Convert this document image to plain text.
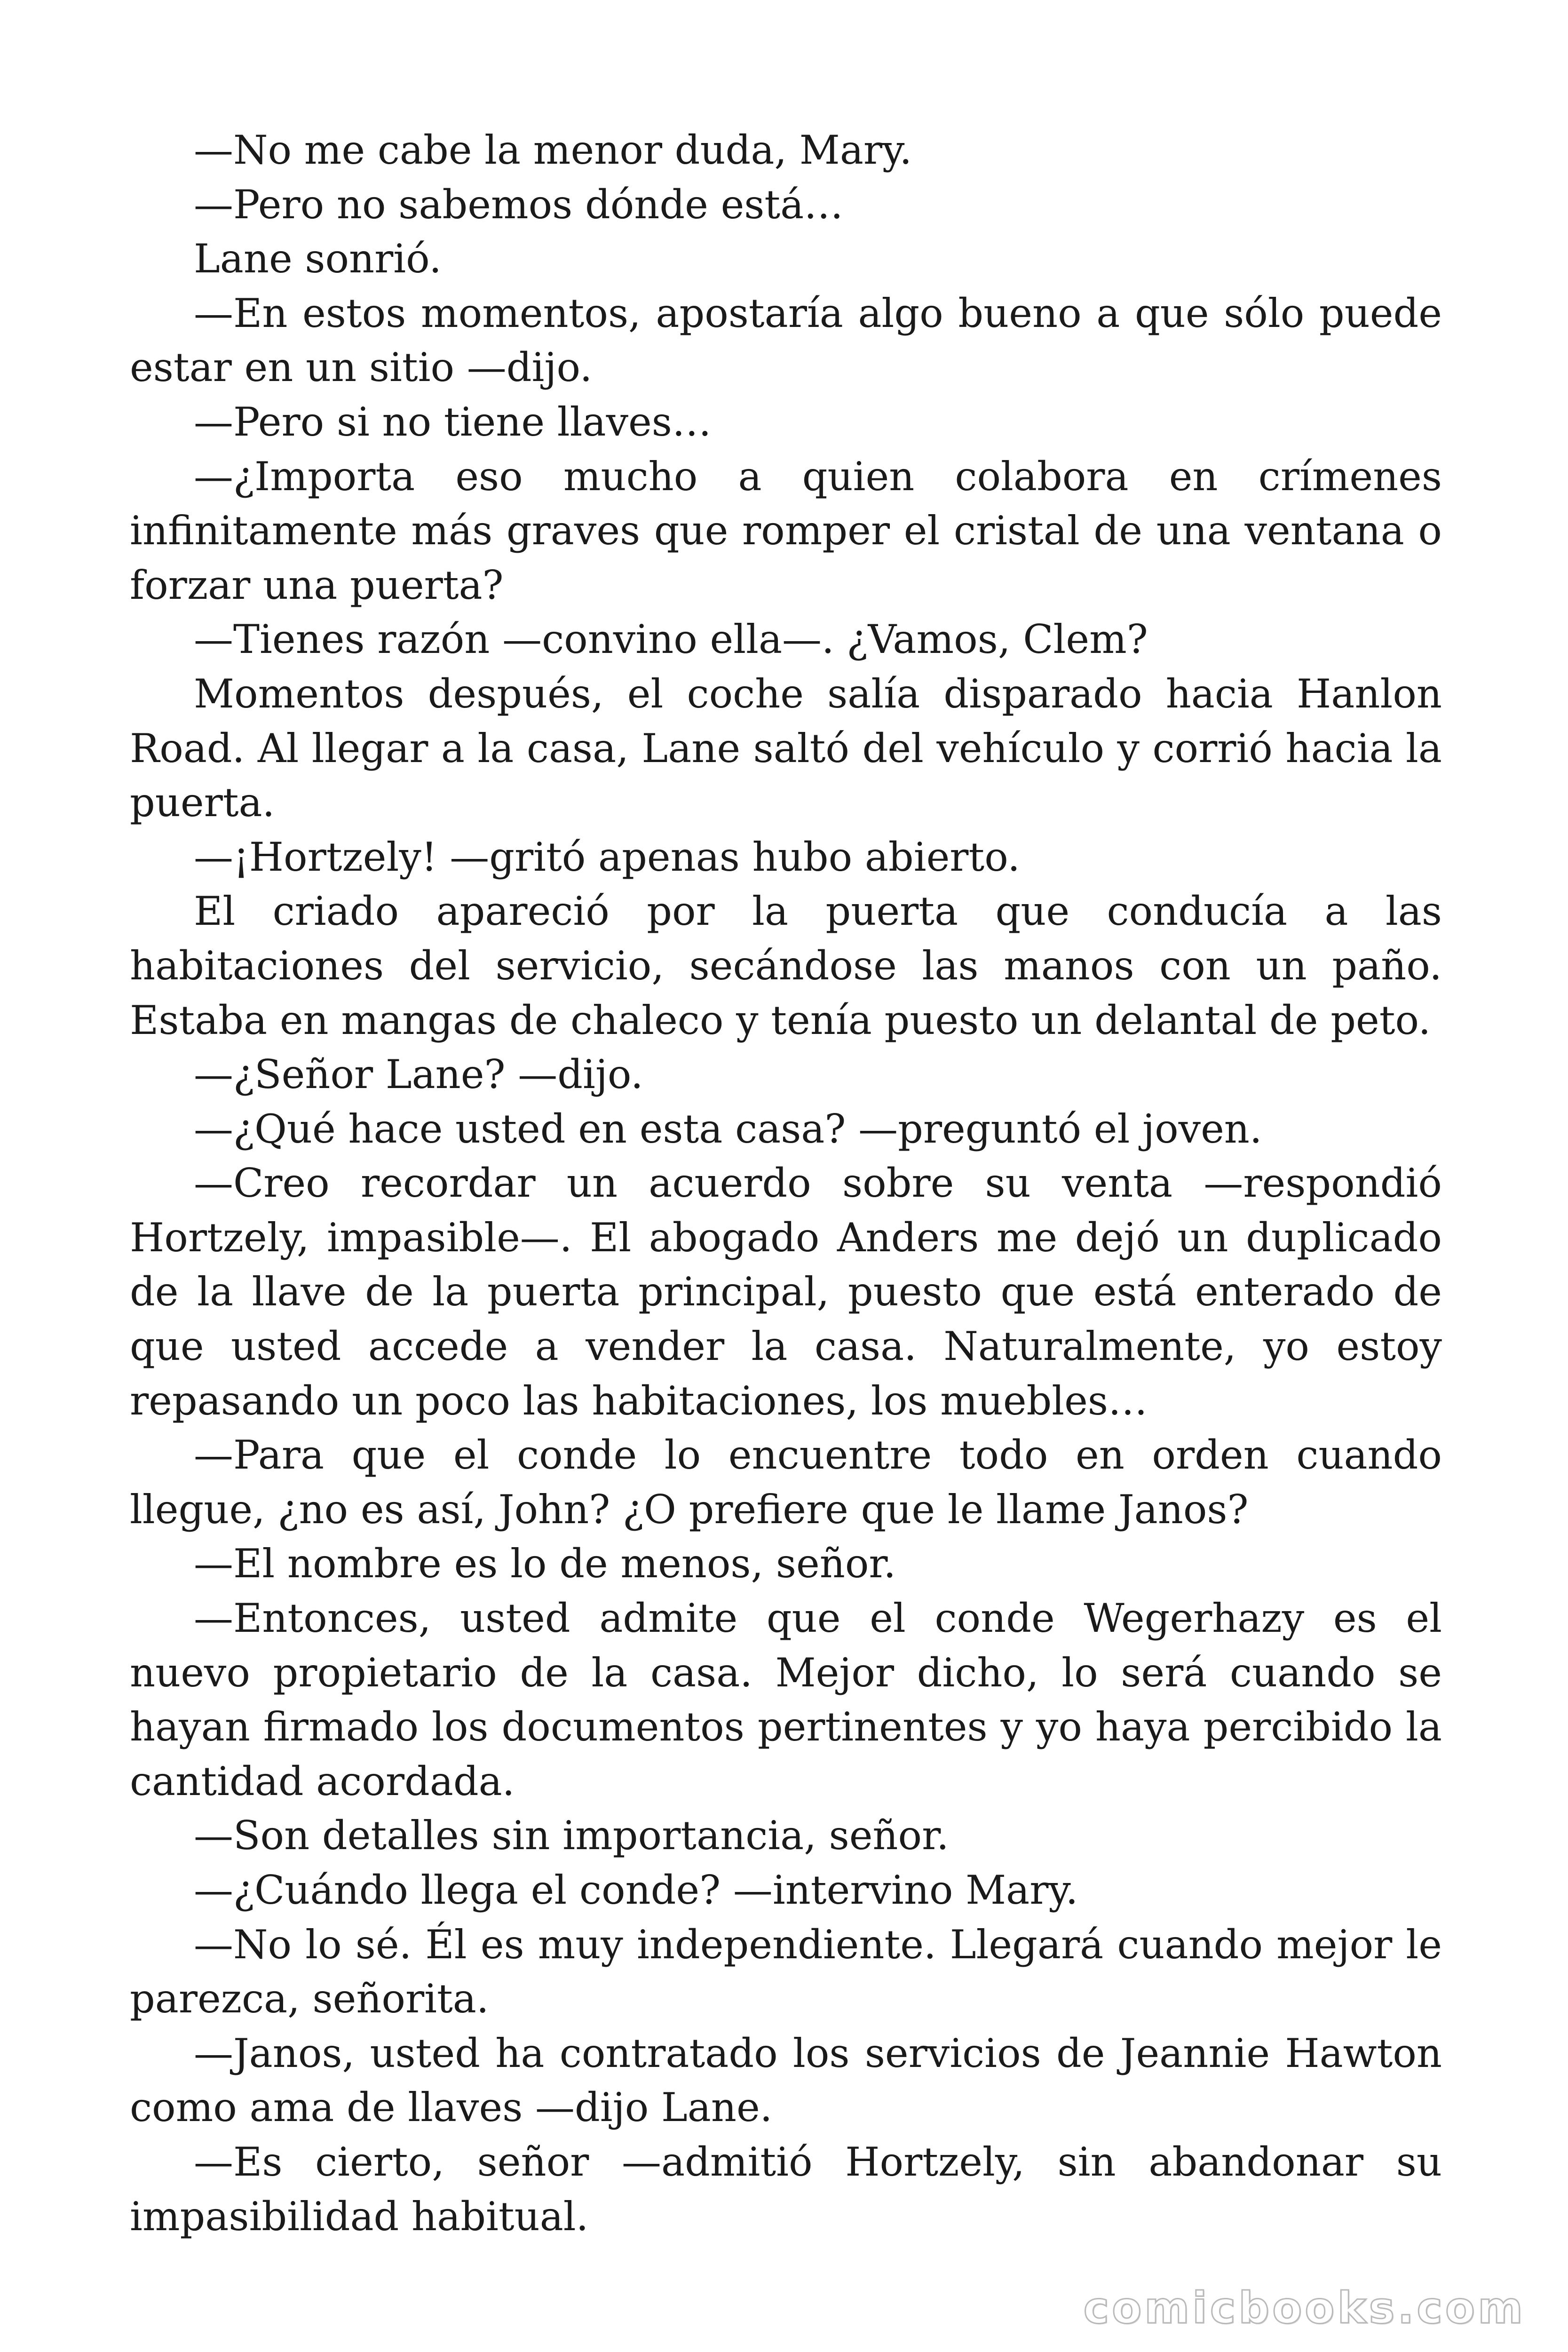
—No me cabe la menor duda, Mary.

—Pero no sabemos dónde está…

Lane sonrió.

—En estos momentos, apostaría algo bueno a que sólo puede estar en un sitio —dijo.

—Pero si no tiene llaves…

—¿Importa eso mucho a quien colabora en crímenes infinitamente más graves que romper el cristal de una ventana o forzar una puerta?

—Tienes razón —convino ella—. ¿Vamos, Clem?

Momentos después, el coche salía disparado hacia Hanlon Road. Al llegar a la casa, Lane saltó del vehículo y corrió hacia la puerta.

—¡Hortzely! —gritó apenas hubo abierto.

El criado apareció por la puerta que conducía a las habitaciones del servicio, secándose las manos con un paño. Estaba en mangas de chaleco y tenía puesto un delantal de peto.

—¿Señor Lane? —dijo.

—¿Qué hace usted en esta casa? —preguntó el joven.

—Creo recordar un acuerdo sobre su venta —respondió Hortzely, impasible—. El abogado Anders me dejó un duplicado de la llave de la puerta principal, puesto que está enterado de que usted accede a vender la casa. Naturalmente, yo estoy repasando un poco las habitaciones, los muebles…

—Para que el conde lo encuentre todo en orden cuando llegue, ¿no es así, John? ¿O prefiere que le llame Janos?

—El nombre es lo de menos, señor.

—Entonces, usted admite que el conde Wegerhazy es el nuevo propietario de la casa. Mejor dicho, lo será cuando se hayan firmado los documentos pertinentes y yo haya percibido la cantidad acordada.

—Son detalles sin importancia, señor.

—¿Cuándo llega el conde? —intervino Mary.

—No lo sé. Él es muy independiente. Llegará cuando mejor le parezca, señorita.

—Janos, usted ha contratado los servicios de Jeannie Hawton como ama de llaves —dijo Lane.

—Es cierto, señor —admitió Hortzely, sin abandonar su impasibilidad habitual.

comicbooks.com
